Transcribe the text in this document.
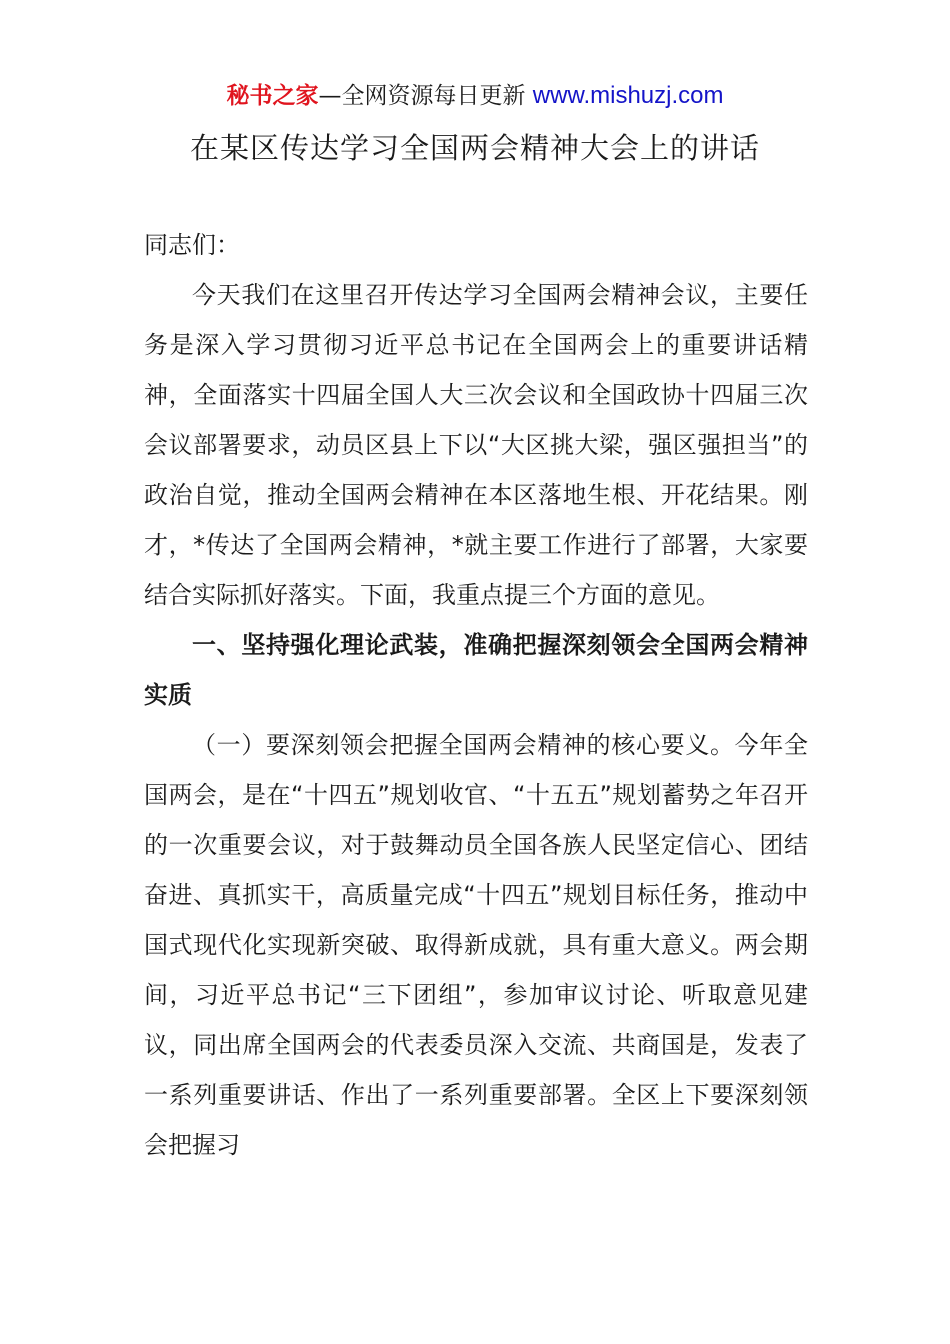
秘书之家—全网资源每日更新 www.mishuzj.com
在某区传达学习全国两会精神大会上的讲话

同志们：

今天我们在这里召开传达学习全国两会精神会议，主要任务是深入学习贯彻习近平总书记在全国两会上的重要讲话精神，全面落实十四届全国人大三次会议和全国政协十四届三次会议部署要求，动员区县上下以“大区挑大梁，强区强担当”的政治自觉，推动全国两会精神在本区落地生根、开花结果。刚才，*传达了全国两会精神，*就主要工作进行了部署，大家要结合实际抓好落实。下面，我重点提三个方面的意见。

一、坚持强化理论武装，准确把握深刻领会全国两会精神实质

（一）要深刻领会把握全国两会精神的核心要义。今年全国两会，是在“十四五”规划收官、“十五五”规划蓄势之年召开的一次重要会议，对于鼓舞动员全国各族人民坚定信心、团结奋进、真抓实干，高质量完成“十四五”规划目标任务，推动中国式现代化实现新突破、取得新成就，具有重大意义。两会期间，习近平总书记“三下团组”，参加审议讨论、听取意见建议，同出席全国两会的代表委员深入交流、共商国是，发表了一系列重要讲话、作出了一系列重要部署。全区上下要深刻领会把握习
